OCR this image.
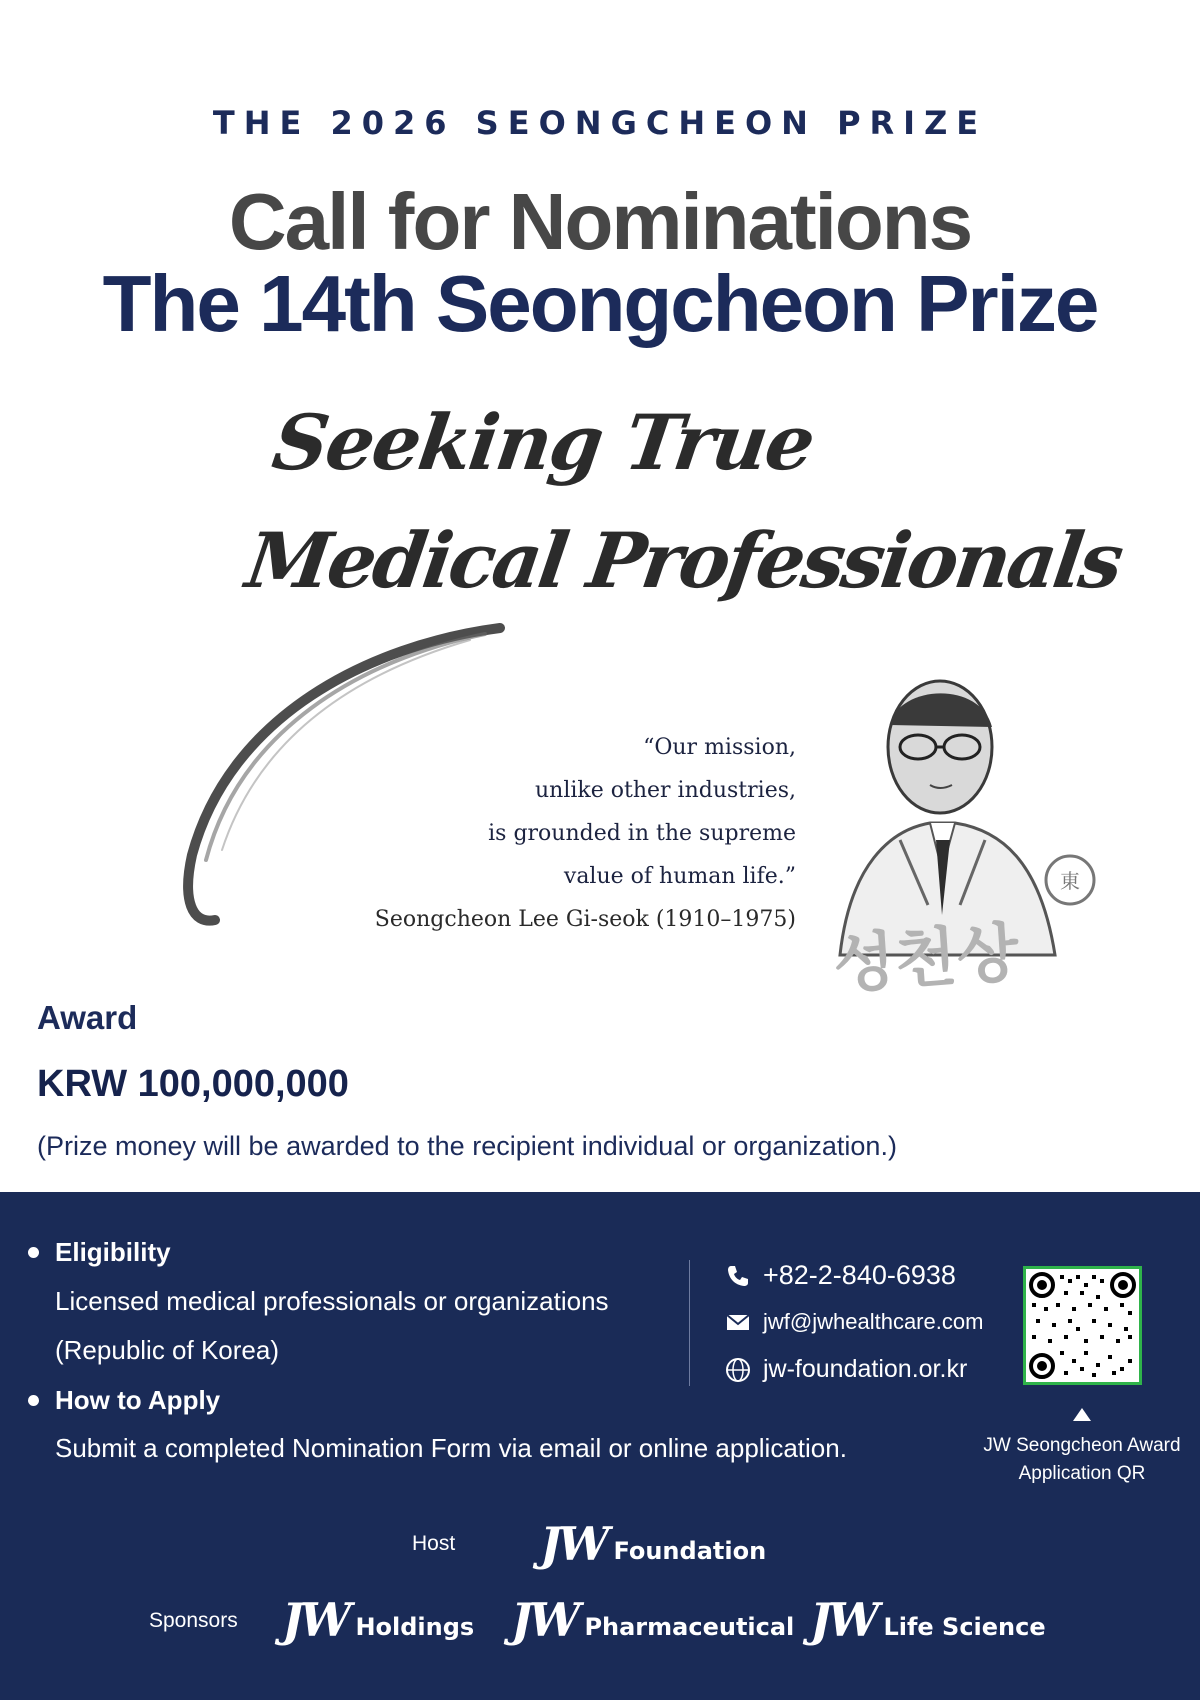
THE 2026 SEONGCHEON PRIZE
Call for Nominations
The 14th Seongcheon Prize
Seeking True
Medical Professionals
“Our mission,
unlike other industries,
is grounded in the supreme
value of human life.”
Seongcheon Lee Gi-seok (1910–1975)
東
성천상
Award
KRW 100,000,000
(Prize money will be awarded to the recipient individual or organization.)
Eligibility
Licensed medical professionals or organizations
(Republic of Korea)
How to Apply
Submit a completed Nomination Form via email or online application.
+82-2-840-6938
jwf@jwhealthcare.com
jw-foundation.or.kr
JW Seongcheon Award
Application QR
Host JW Foundation
Sponsors JW Holdings JW Pharmaceutical JW Life Science
